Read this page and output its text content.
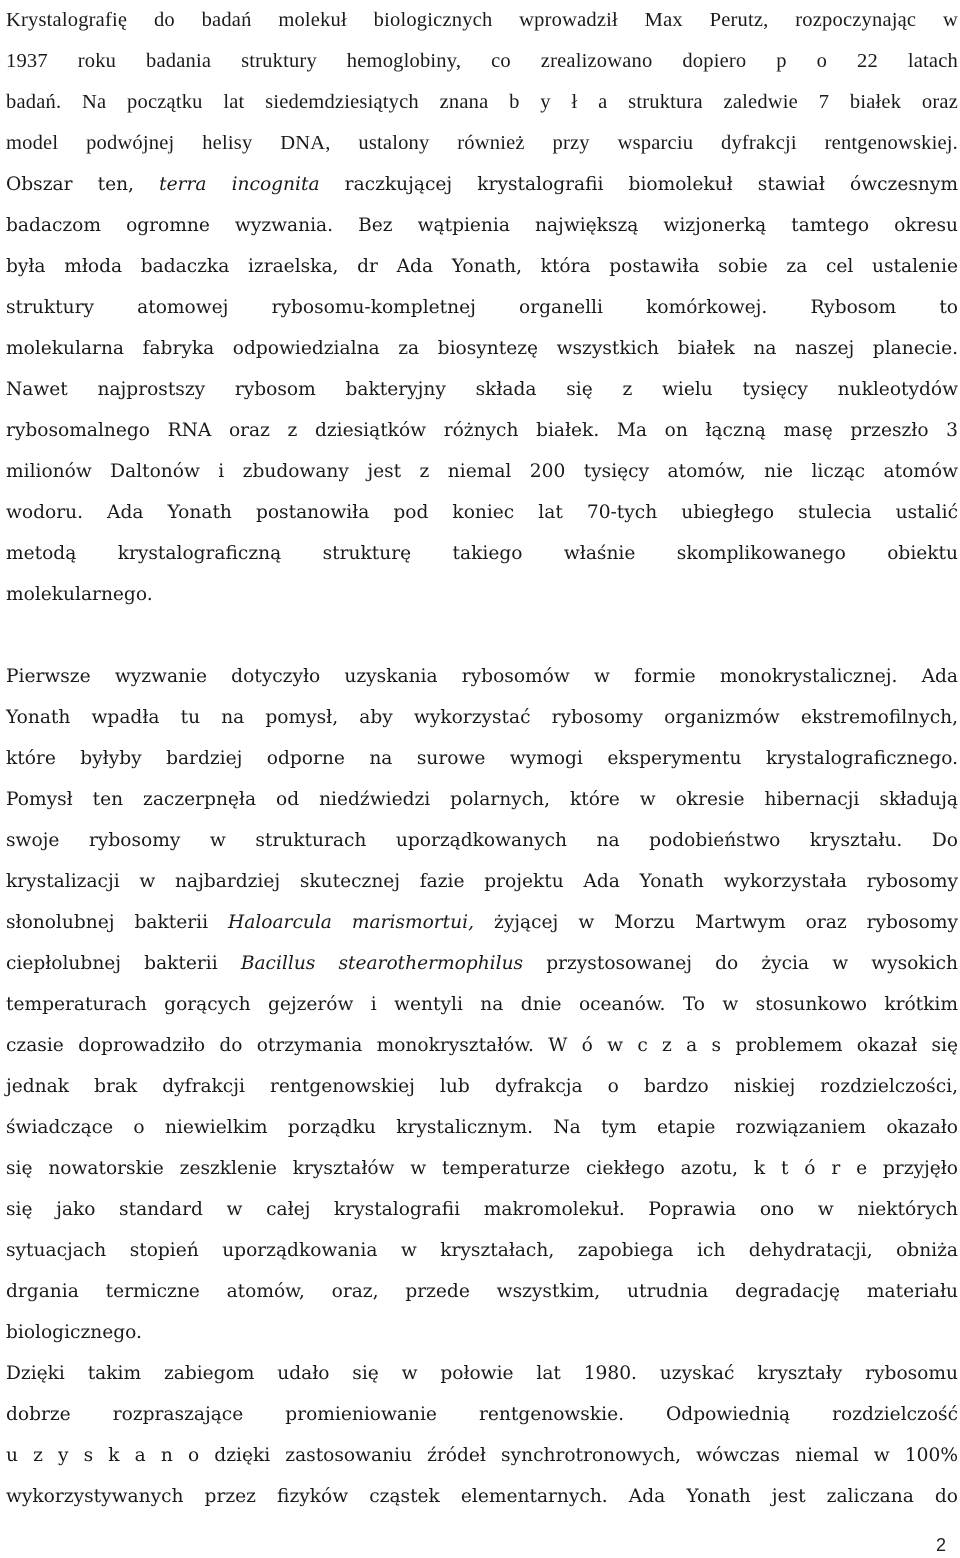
Krystalografię do badań molekuł biologicznych wprowadził Max Perutz, rozpoczynając w
1937 roku badania struktury hemoglobiny, co zrealizowano dopiero p o 22 latach
badań. Na początku lat siedemdziesiątych znana b y ł a struktura zaledwie 7 białek oraz
model podwójnej helisy DNA, ustalony również przy wsparciu dyfrakcji rentgenowskiej.
Obszar ten, terra incognita raczkującej krystalografii biomolekuł stawiał ówczesnym
badaczom ogromne wyzwania. Bez wątpienia największą wizjonerką tamtego okresu
była młoda badaczka izraelska, dr Ada Yonath, która postawiła sobie za cel ustalenie
struktury atomowej rybosomu-kompletnej organelli komórkowej. Rybosom to
molekularna fabryka odpowiedzialna za biosyntezę wszystkich białek na naszej planecie.
Nawet najprostszy rybosom bakteryjny składa się z wielu tysięcy nukleotydów
rybosomalnego RNA oraz z dziesiątków różnych białek. Ma on łączną masę przeszło 3
milionów Daltonów i zbudowany jest z niemal 200 tysięcy atomów, nie licząc atomów
wodoru. Ada Yonath postanowiła pod koniec lat 70-tych ubiegłego stulecia ustalić
metodą krystalograficzną strukturę takiego właśnie skomplikowanego obiektu
molekularnego.
Pierwsze wyzwanie dotyczyło uzyskania rybosomów w formie monokrystalicznej. Ada
Yonath wpadła tu na pomysł, aby wykorzystać rybosomy organizmów ekstremofilnych,
które byłyby bardziej odporne na surowe wymogi eksperymentu krystalograficznego.
Pomysł ten zaczerpnęła od niedźwiedzi polarnych, które w okresie hibernacji składują
swoje rybosomy w strukturach uporządkowanych na podobieństwo kryształu. Do
krystalizacji w najbardziej skutecznej fazie projektu Ada Yonath wykorzystała rybosomy
słonolubnej bakterii Haloarcula marismortui, żyjącej w Morzu Martwym oraz rybosomy
ciepłolubnej bakterii Bacillus stearothermophilus przystosowanej do życia w wysokich
temperaturach gorących gejzerów i wentyli na dnie oceanów. To w stosunkowo krótkim
czasie doprowadziło do otrzymania monokryształów. W ó w c z a s problemem okazał się
jednak brak dyfrakcji rentgenowskiej lub dyfrakcja o bardzo niskiej rozdzielczości,
świadczące o niewielkim porządku krystalicznym. Na tym etapie rozwiązaniem okazało
się nowatorskie zeszklenie kryształów w temperaturze ciekłego azotu, k t ó r e przyjęło
się jako standard w całej krystalografii makromolekuł. Poprawia ono w niektórych
sytuacjach stopień uporządkowania w kryształach, zapobiega ich dehydratacji, obniża
drgania termiczne atomów, oraz, przede wszystkim, utrudnia degradację materiału
biologicznego.
Dzięki takim zabiegom udało się w połowie lat 1980. uzyskać kryształy rybosomu
dobrze rozpraszające promieniowanie rentgenowskie. Odpowiednią rozdzielczość
u z y s k a n o dzięki zastosowaniu źródeł synchrotronowych, wówczas niemal w 100%
wykorzystywanych przez fizyków cząstek elementarnych. Ada Yonath jest zaliczana do
2
